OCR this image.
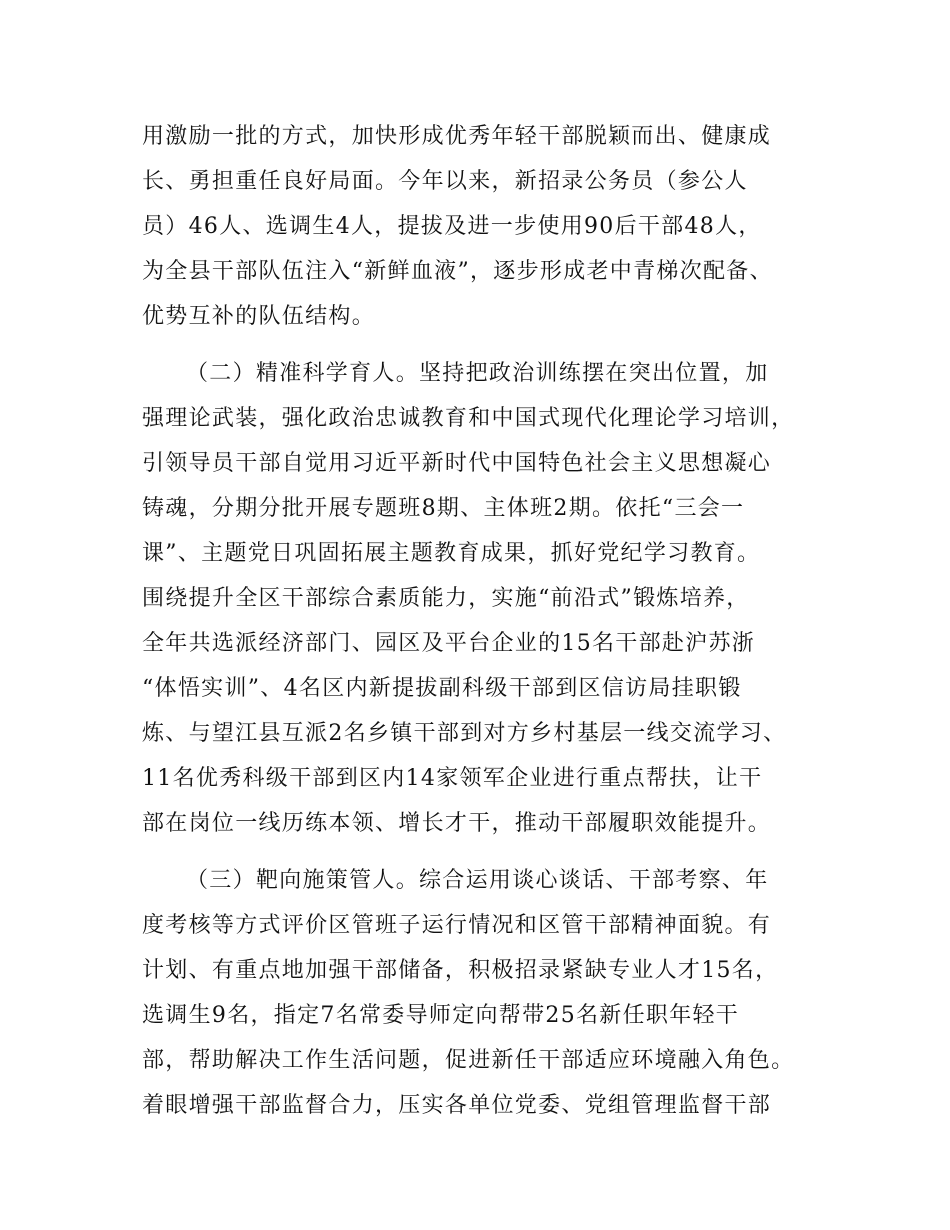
用激励一批的方式，加快形成优秀年轻干部脱颖而出、健康成
长、勇担重任良好局面。今年以来，新招录公务员（参公人
员）46人、选调生4人，提拔及进一步使用90后干部48人，
为全县干部队伍注入“新鲜血液”，逐步形成老中青梯次配备、
优势互补的队伍结构。
（二）精准科学育人。坚持把政治训练摆在突出位置，加
强理论武装，强化政治忠诚教育和中国式现代化理论学习培训，
引领导员干部自觉用习近平新时代中国特色社会主义思想凝心
铸魂，分期分批开展专题班8期、主体班2期。依托“三会一
课”、主题党日巩固拓展主题教育成果，抓好党纪学习教育。
围绕提升全区干部综合素质能力，实施“前沿式”锻炼培养，
全年共选派经济部门、园区及平台企业的15名干部赴沪苏浙
“体悟实训”、4名区内新提拔副科级干部到区信访局挂职锻
炼、与望江县互派2名乡镇干部到对方乡村基层一线交流学习、
11名优秀科级干部到区内14家领军企业进行重点帮扶，让干
部在岗位一线历练本领、增长才干，推动干部履职效能提升。
（三）靶向施策管人。综合运用谈心谈话、干部考察、年
度考核等方式评价区管班子运行情况和区管干部精神面貌。有
计划、有重点地加强干部储备，积极招录紧缺专业人才15名，
选调生9名，指定7名常委导师定向帮带25名新任职年轻干
部，帮助解决工作生活问题，促进新任干部适应环境融入角色。
着眼增强干部监督合力，压实各单位党委、党组管理监督干部
